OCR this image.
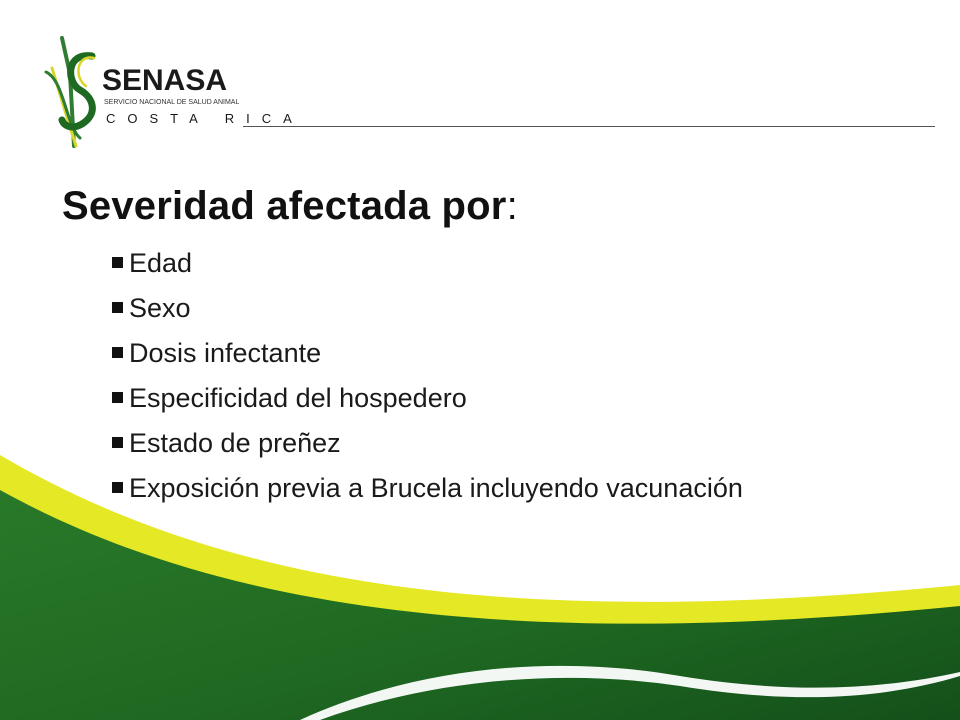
SENASA
SERVICIO NACIONAL DE SALUD ANIMAL
COSTA RICA
Severidad afectada por:
Edad
Sexo
Dosis infectante
Especificidad del hospedero
Estado de preñez
Exposición previa a Brucela incluyendo vacunación
